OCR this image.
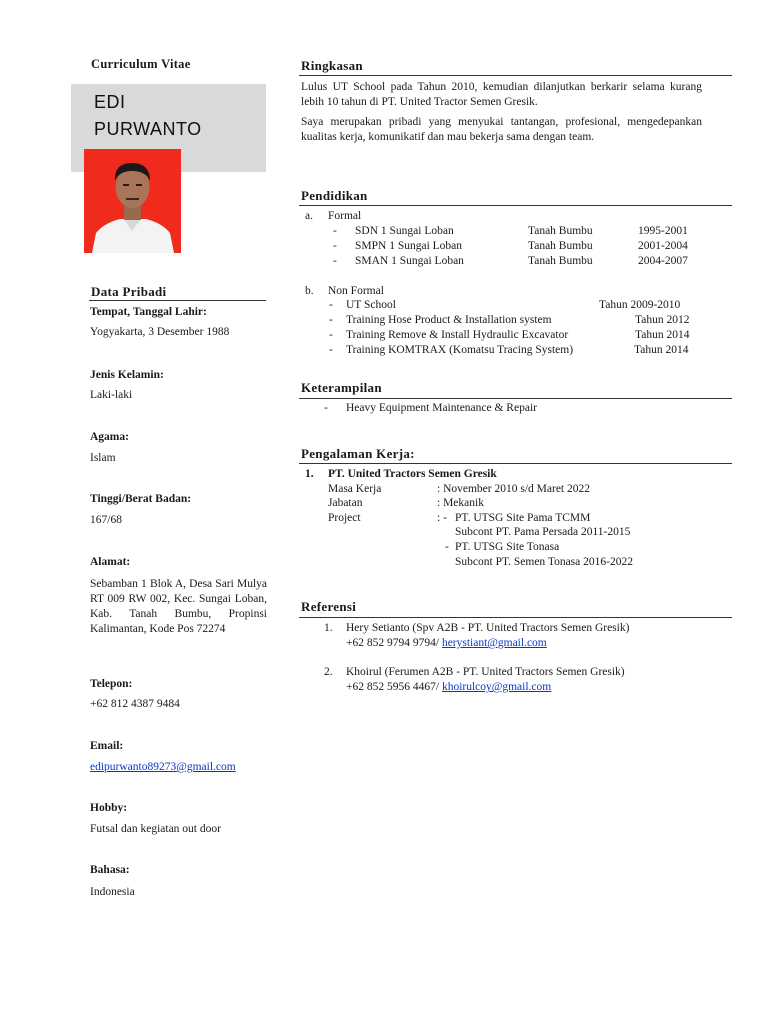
Curriculum Vitae
EDI
PURWANTO
Data Pribadi
Tempat, Tanggal Lahir:
Yogyakarta, 3 Desember 1988
Jenis Kelamin:
Laki-laki
Agama:
Islam
Tinggi/Berat Badan:
167/68
Alamat:
Sebamban 1 Blok A, Desa Sari Mulya RT 009 RW 002, Kec. Sungai Loban, Kab. Tanah Bumbu, Propinsi Kalimantan, Kode Pos 72274
Telepon:
+62 812 4387 9484
Email:
edipurwanto89273@gmail.com
Hobby:
Futsal dan kegiatan out door
Bahasa:
Indonesia
Ringkasan
Lulus UT School pada Tahun 2010, kemudian dilanjutkan berkarir selama kurang lebih 10 tahun di PT. United Tractor Semen Gresik.
Saya merupakan pribadi yang menyukai tantangan, profesional, mengedepankan kualitas kerja, komunikatif dan mau bekerja sama dengan team.
Pendidikan
a. Formal
- SDN 1 Sungai Loban	Tanah Bumbu	1995-2001
- SMPN 1 Sungai Loban	Tanah Bumbu	2001-2004
- SMAN 1 Sungai Loban	Tanah Bumbu	2004-2007
b. Non Formal
- UT School	Tahun 2009-2010
- Training Hose Product & Installation system	Tahun 2012
- Training Remove & Install Hydraulic Excavator	Tahun 2014
- Training KOMTRAX (Komatsu Tracing System)	Tahun 2014
Keterampilan
- Heavy Equipment Maintenance & Repair
Pengalaman Kerja:
1. PT. United Tractors Semen Gresik
Masa Kerja	: November 2010 s/d Maret 2022
Jabatan	: Mekanik
Project	: - PT. UTSG Site Pama TCMM
Subcont PT. Pama Persada 2011-2015
- PT. UTSG Site Tonasa
Subcont PT. Semen Tonasa 2016-2022
Referensi
1. Hery Setianto (Spv A2B - PT. United Tractors Semen Gresik)
+62 852 9794 9794/ herystiant@gmail.com
2. Khoirul (Ferumen A2B - PT. United Tractors Semen Gresik)
+62 852 5956 4467/ khoirulcoy@gmail.com
